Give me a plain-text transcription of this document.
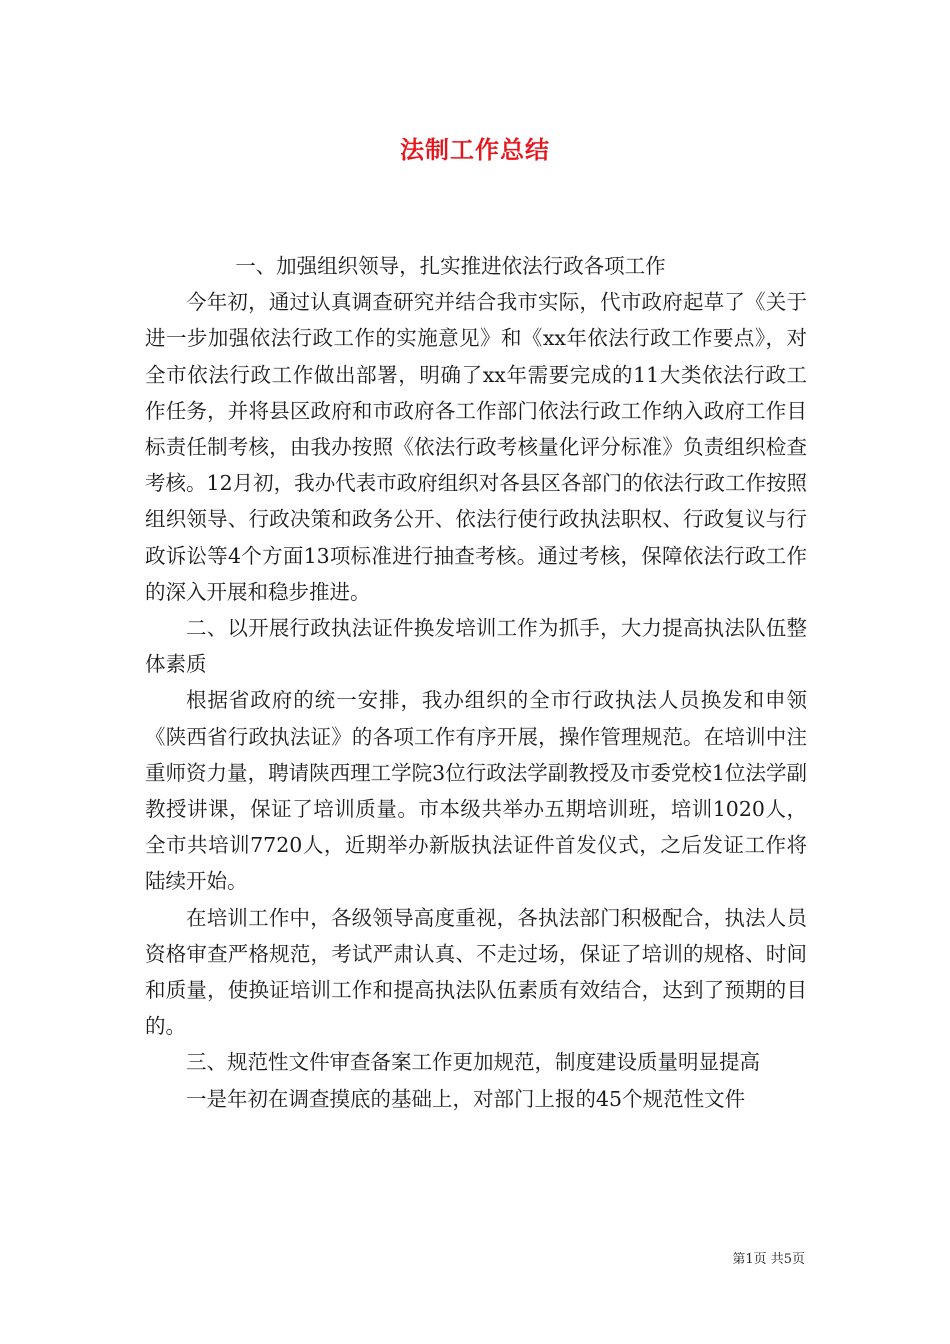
法制工作总结

一、加强组织领导，扎实推进依法行政各项工作

今年初，通过认真调查研究并结合我市实际，代市政府起草了《关于进一步加强依法行政工作的实施意见》和《xx年依法行政工作要点》，对全市依法行政工作做出部署，明确了xx年需要完成的11大类依法行政工作任务，并将县区政府和市政府各工作部门依法行政工作纳入政府工作目标责任制考核，由我办按照《依法行政考核量化评分标准》负责组织检查考核。12月初，我办代表市政府组织对各县区各部门的依法行政工作按照组织领导、行政决策和政务公开、依法行使行政执法职权、行政复议与行政诉讼等4个方面13项标准进行抽查考核。通过考核，保障依法行政工作的深入开展和稳步推进。

二、以开展行政执法证件换发培训工作为抓手，大力提高执法队伍整体素质

根据省政府的统一安排，我办组织的全市行政执法人员换发和申领《陕西省行政执法证》的各项工作有序开展，操作管理规范。在培训中注重师资力量，聘请陕西理工学院3位行政法学副教授及市委党校1位法学副教授讲课，保证了培训质量。市本级共举办五期培训班，培训1020人，全市共培训7720人，近期举办新版执法证件首发仪式，之后发证工作将陆续开始。

在培训工作中，各级领导高度重视，各执法部门积极配合，执法人员资格审查严格规范，考试严肃认真、不走过场，保证了培训的规格、时间和质量，使换证培训工作和提高执法队伍素质有效结合，达到了预期的目的。

三、规范性文件审查备案工作更加规范，制度建设质量明显提高

一是年初在调查摸底的基础上，对部门上报的45个规范性文件

第1页 共5页
